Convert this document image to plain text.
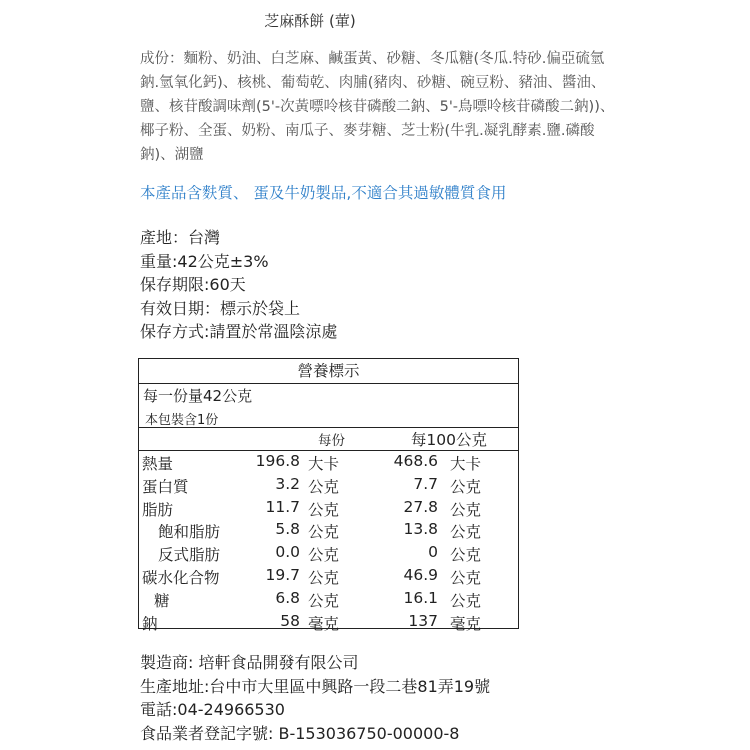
芝麻酥餅 (葷)

成份：麵粉、奶油、白芝麻、鹹蛋黃、砂糖、冬瓜糖(冬瓜.特砂.偏亞硫氫鈉.氫氧化鈣)、核桃、葡萄乾、肉脯(豬肉、砂糖、碗豆粉、豬油、醬油、鹽、核苷酸調味劑(5'-次黃嘌呤核苷磷酸二鈉、5'-鳥嘌呤核苷磷酸二鈉))、椰子粉、全蛋、奶粉、南瓜子、麥芽糖、芝士粉(牛乳.凝乳酵素.鹽.磷酸鈉)、湖鹽

本產品含麩質、 蛋及牛奶製品,不適合其過敏體質食用

產地：台灣
重量:42公克±3%
保存期限:60天
有效日期：標示於袋上
保存方式:請置於常溫陰涼處
營養標示
每一份量42公克
本包裝含1份
每份	每100公克
熱量	196.8 大卡	468.6 大卡
蛋白質	3.2 公克	7.7 公克
脂肪	11.7 公克	27.8 公克
飽和脂肪	5.8 公克	13.8 公克
反式脂肪	0.0 公克	0 公克
碳水化合物	19.7 公克	46.9 公克
糖	6.8 公克	16.1 公克
鈉	58 毫克	137 毫克
製造商: 培軒食品開發有限公司
生產地址:台中市大里區中興路一段二巷81弄19號
電話:04-24966530
食品業者登記字號: B-153036750-00000-8
